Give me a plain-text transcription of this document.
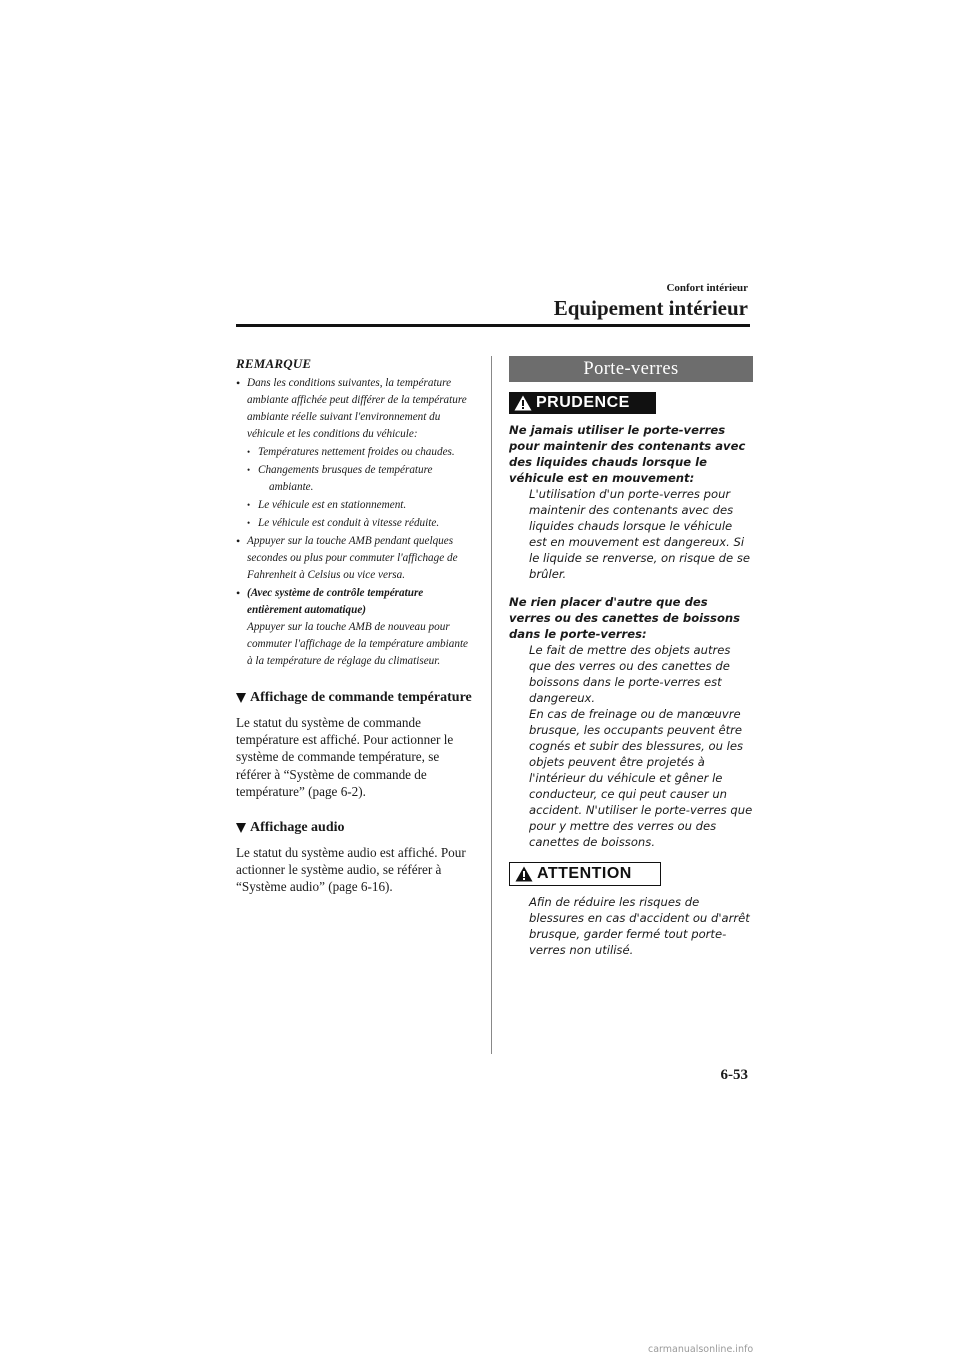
Confort intérieur
Equipement intérieur
REMARQUE
• Dans les conditions suivantes, la température ambiante affichée peut différer de la température ambiante réelle suivant l'environnement du véhicule et les conditions du véhicule:
• Températures nettement froides ou chaudes.
• Changements brusques de température ambiante.
• Le véhicule est en stationnement.
• Le véhicule est conduit à vitesse réduite.
• Appuyer sur la touche AMB pendant quelques secondes ou plus pour commuter l'affichage de Fahrenheit à Celsius ou vice versa.
• (Avec système de contrôle température entièrement automatique)
Appuyer sur la touche AMB de nouveau pour commuter l'affichage de la température ambiante à la température de réglage du climatiseur.
Affichage de commande température
Le statut du système de commande température est affiché. Pour actionner le système de commande température, se référer à “Système de commande de température” (page 6-2).
Affichage audio
Le statut du système audio est affiché. Pour actionner le système audio, se référer à “Système audio” (page 6-16).
Porte-verres
PRUDENCE
Ne jamais utiliser le porte-verres pour maintenir des contenants avec des liquides chauds lorsque le véhicule est en mouvement:
L'utilisation d'un porte-verres pour maintenir des contenants avec des liquides chauds lorsque le véhicule est en mouvement est dangereux. Si le liquide se renverse, on risque de se brûler.
Ne rien placer d'autre que des verres ou des canettes de boissons dans le porte-verres:
Le fait de mettre des objets autres que des verres ou des canettes de boissons dans le porte-verres est dangereux.
En cas de freinage ou de manœuvre brusque, les occupants peuvent être cognés et subir des blessures, ou les objets peuvent être projetés à l'intérieur du véhicule et gêner le conducteur, ce qui peut causer un accident. N'utiliser le porte-verres que pour y mettre des verres ou des canettes de boissons.
ATTENTION
Afin de réduire les risques de blessures en cas d'accident ou d'arrêt brusque, garder fermé tout porte-verres non utilisé.
6-53
carmanualsonline.info
